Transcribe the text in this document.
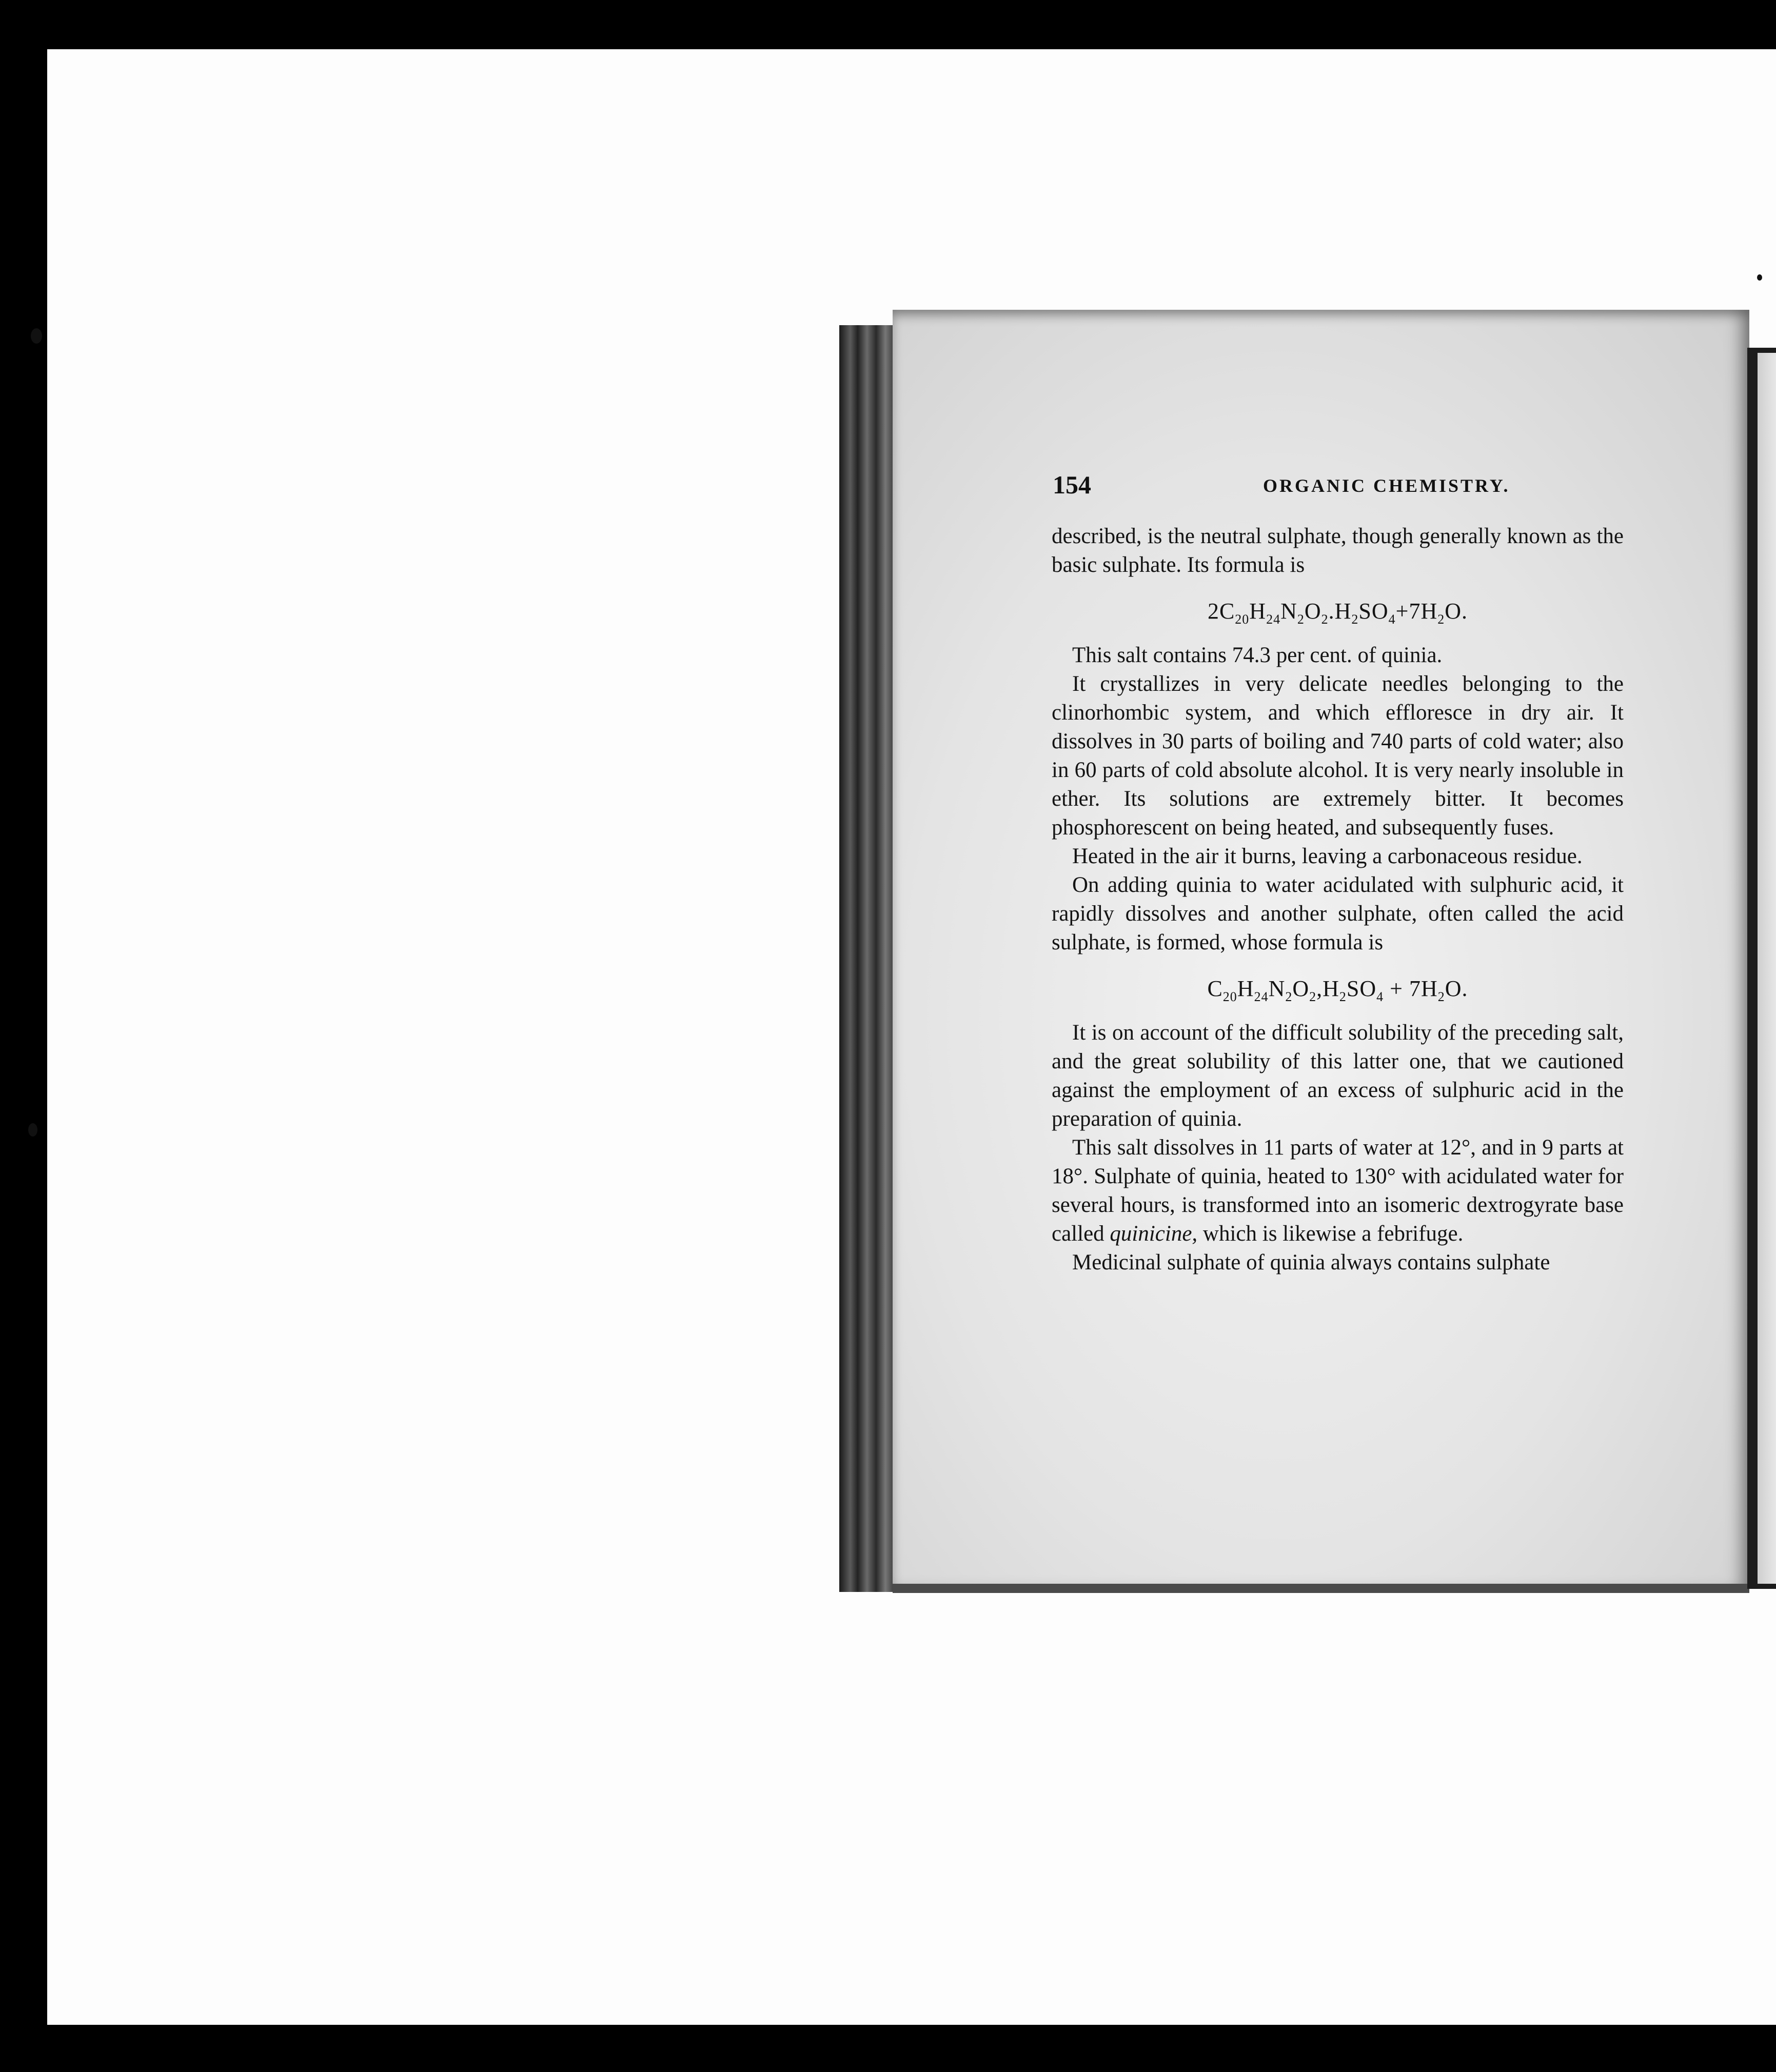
154	ORGANIC CHEMISTRY.

described, is the neutral sulphate, though generally known as the basic sulphate. Its formula is

$2C_{20}H_{24}N_2O_2.H_2SO_4+7H_2O$.

This salt contains 74.3 per cent. of quinia.

It crystallizes in very delicate needles belonging to the clinorhombic system, and which effloresce in dry air. It dissolves in 30 parts of boiling and 740 parts of cold water; also in 60 parts of cold absolute alcohol. It is very nearly insoluble in ether. Its solutions are extremely bitter. It becomes phosphorescent on being heated, and subsequently fuses.

Heated in the air it burns, leaving a carbonaceous residue.

On adding quinia to water acidulated with sulphuric acid, it rapidly dissolves and another sulphate, often called the acid sulphate, is formed, whose formula is

$C_{20}H_{24}N_2O_2,H_2SO_4 + 7H_2O$.

It is on account of the difficult solubility of the preceding salt, and the great solubility of this latter one, that we cautioned against the employment of an excess of sulphuric acid in the preparation of quinia.

This salt dissolves in 11 parts of water at 12°, and in 9 parts at 18°. Sulphate of quinia, heated to 130° with acidulated water for several hours, is transformed into an isomeric dextrogyrate base called quinicine, which is likewise a febrifuge.

Medicinal sulphate of quinia always contains sulphate
